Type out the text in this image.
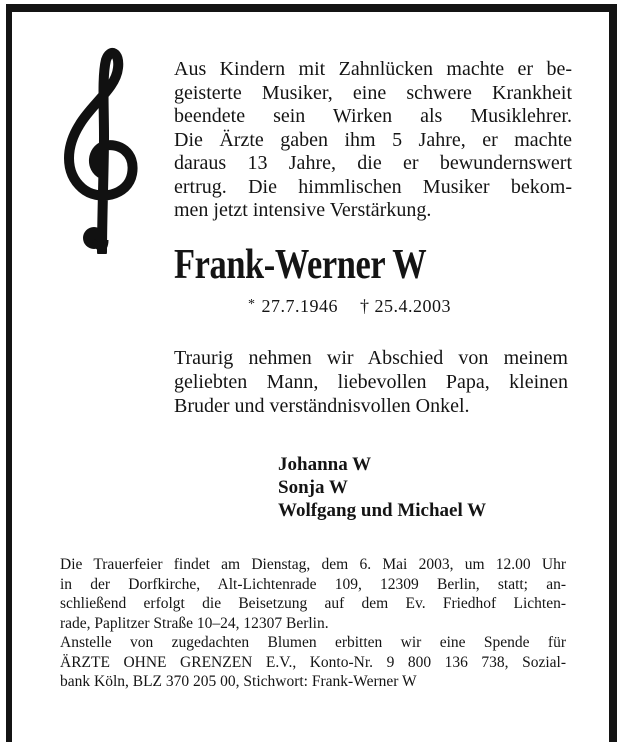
Aus Kindern mit Zahnlücken machte er be-
geisterte Musiker, eine schwere Krankheit
beendete sein Wirken als Musiklehrer.
Die Ärzte gaben ihm 5 Jahre, er machte
daraus 13 Jahre, die er bewundernswert
ertrug. Die himmlischen Musiker bekom-
men jetzt intensive Verstärkung.
Frank-Werner W
* 27.7.1946 † 25.4.2003
Traurig nehmen wir Abschied von meinem
geliebten Mann, liebevollen Papa, kleinen
Bruder und verständnisvollen Onkel.
Johanna W
Sonja W
Wolfgang und Michael W
Die Trauerfeier findet am Dienstag, dem 6. Mai 2003, um 12.00 Uhr
in der Dorfkirche, Alt-Lichtenrade 109, 12309 Berlin, statt; an-
schließend erfolgt die Beisetzung auf dem Ev. Friedhof Lichten-
rade, Paplitzer Straße 10–24, 12307 Berlin.
Anstelle von zugedachten Blumen erbitten wir eine Spende für
ÄRZTE OHNE GRENZEN E.V., Konto-Nr. 9 800 136 738, Sozial-
bank Köln, BLZ 370 205 00, Stichwort: Frank-Werner W
